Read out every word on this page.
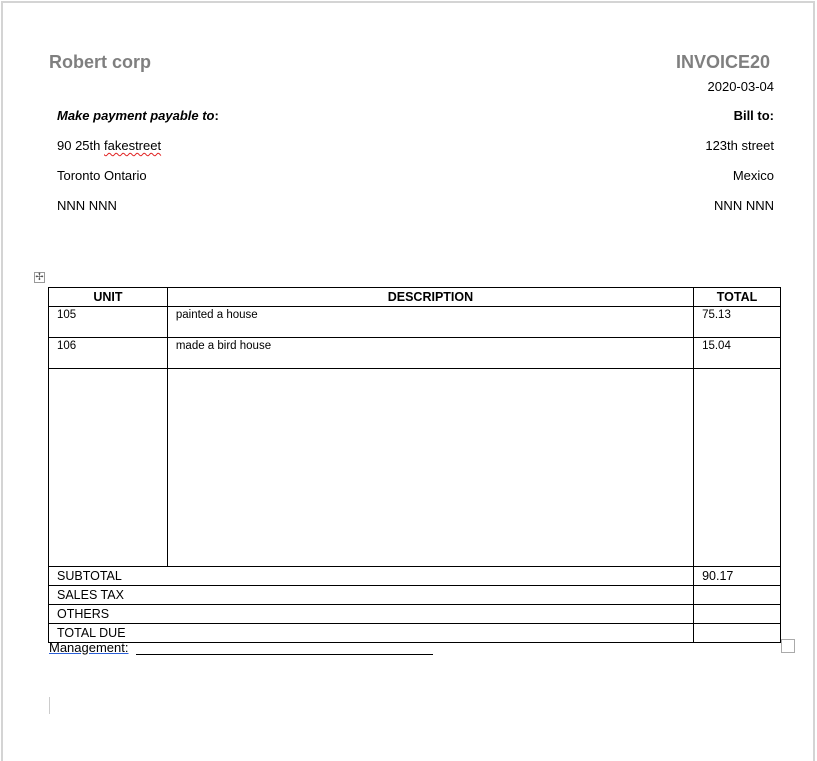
Robert corp	INVOICE20
2020-03-04
Make payment payable to:
90 25th fakestreet
Toronto Ontario
NNN NNN
Bill to:
123th street
Mexico
NNN NNN
✢
UNIT	DESCRIPTION	TOTAL
105	painted a house	75.13
106	made a bird house	15.04

SUBTOTAL		90.17
SALES TAX		
OTHERS		
TOTAL DUE		
Management:
